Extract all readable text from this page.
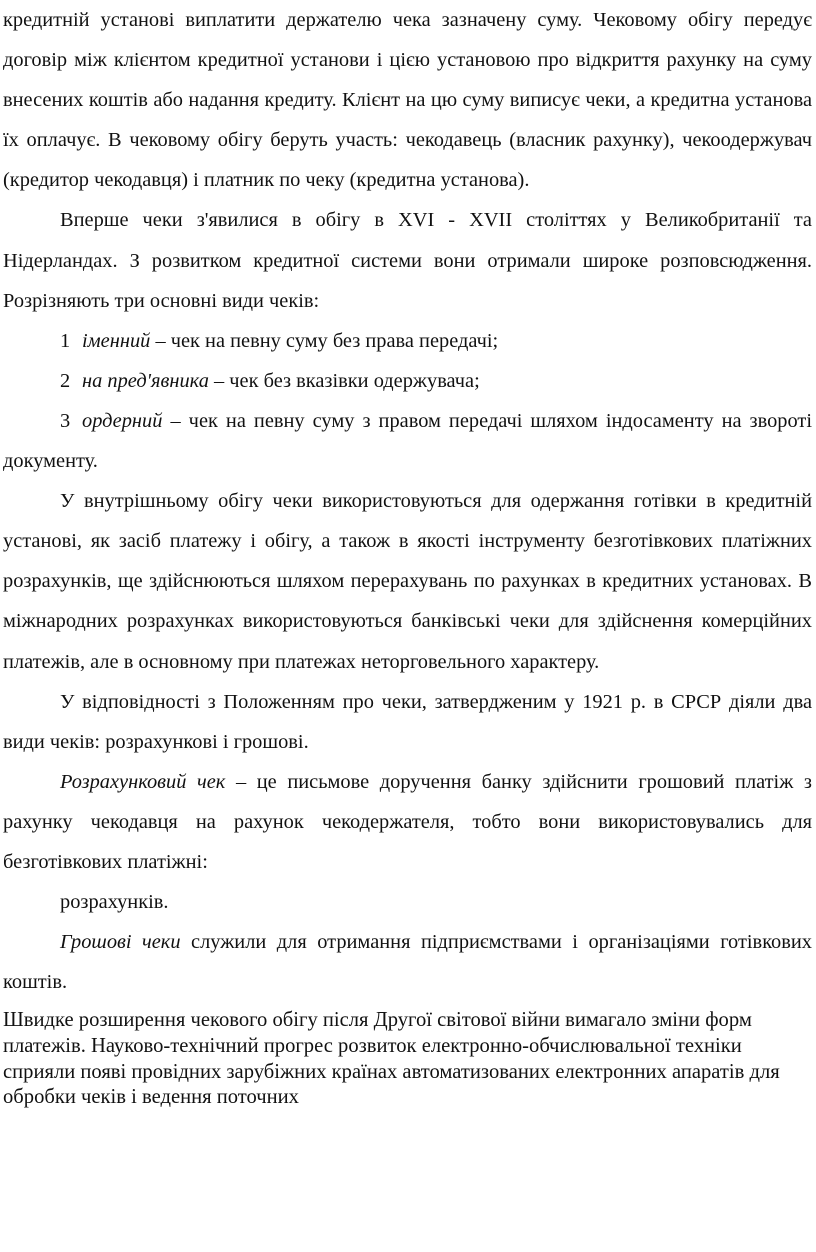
кредитній установі виплатити держателю чека зазначену суму. Чековому обігу передує договір між клієнтом кредитної установи і цією установою про відкриття рахунку на суму внесених коштів або надання кредиту. Клієнт на цю суму виписує чеки, а кредитна установа їх оплачує. В чековому обігу беруть участь: чекодавець (власник рахунку), чекоодержувач (кредитор чекодавця) і платник по чеку (кредитна установа).

Вперше чеки з'явилися в обігу в XVI - XVII століттях у Великобританії та Нідерландах. З розвитком кредитної системи вони отримали широке розповсюдження. Розрізняють три основні види чеків:

1 іменний – чек на певну суму без права передачі;

2 на пред'явника – чек без вказівки одержувача;

3 ордерний – чек на певну суму з правом передачі шляхом індосаменту на звороті документу.

У внутрішньому обігу чеки використовуються для одержання готівки в кредитній установі, як засіб платежу і обігу, а також в якості інструменту безготівкових платіжних розрахунків, ще здійснюються шляхом перерахувань по рахунках в кредитних установах. В міжнародних розрахунках використовуються банківські чеки для здійснення комерційних платежів, але в основному при платежах неторговельного характеру.

У відповідності з Положенням про чеки, затвердженим у 1921 р. в СРСР діяли два види чеків: розрахункові і грошові.

Розрахунковий чек – це письмове доручення банку здійснити грошовий платіж з рахунку чекодавця на рахунок чекодержателя, тобто вони використовувались для безготівкових платіжні:

розрахунків.

Грошові чеки служили для отримання підприємствами і організаціями готівкових коштів.

Швидке розширення чекового обігу після Другої світової війни вимагало зміни форм платежів. Науково-технічний прогрес розвиток електронно-обчислювальної техніки сприяли появі провідних зарубіжних країнах автоматизованих електронних апаратів для обробки чеків і ведення поточних
